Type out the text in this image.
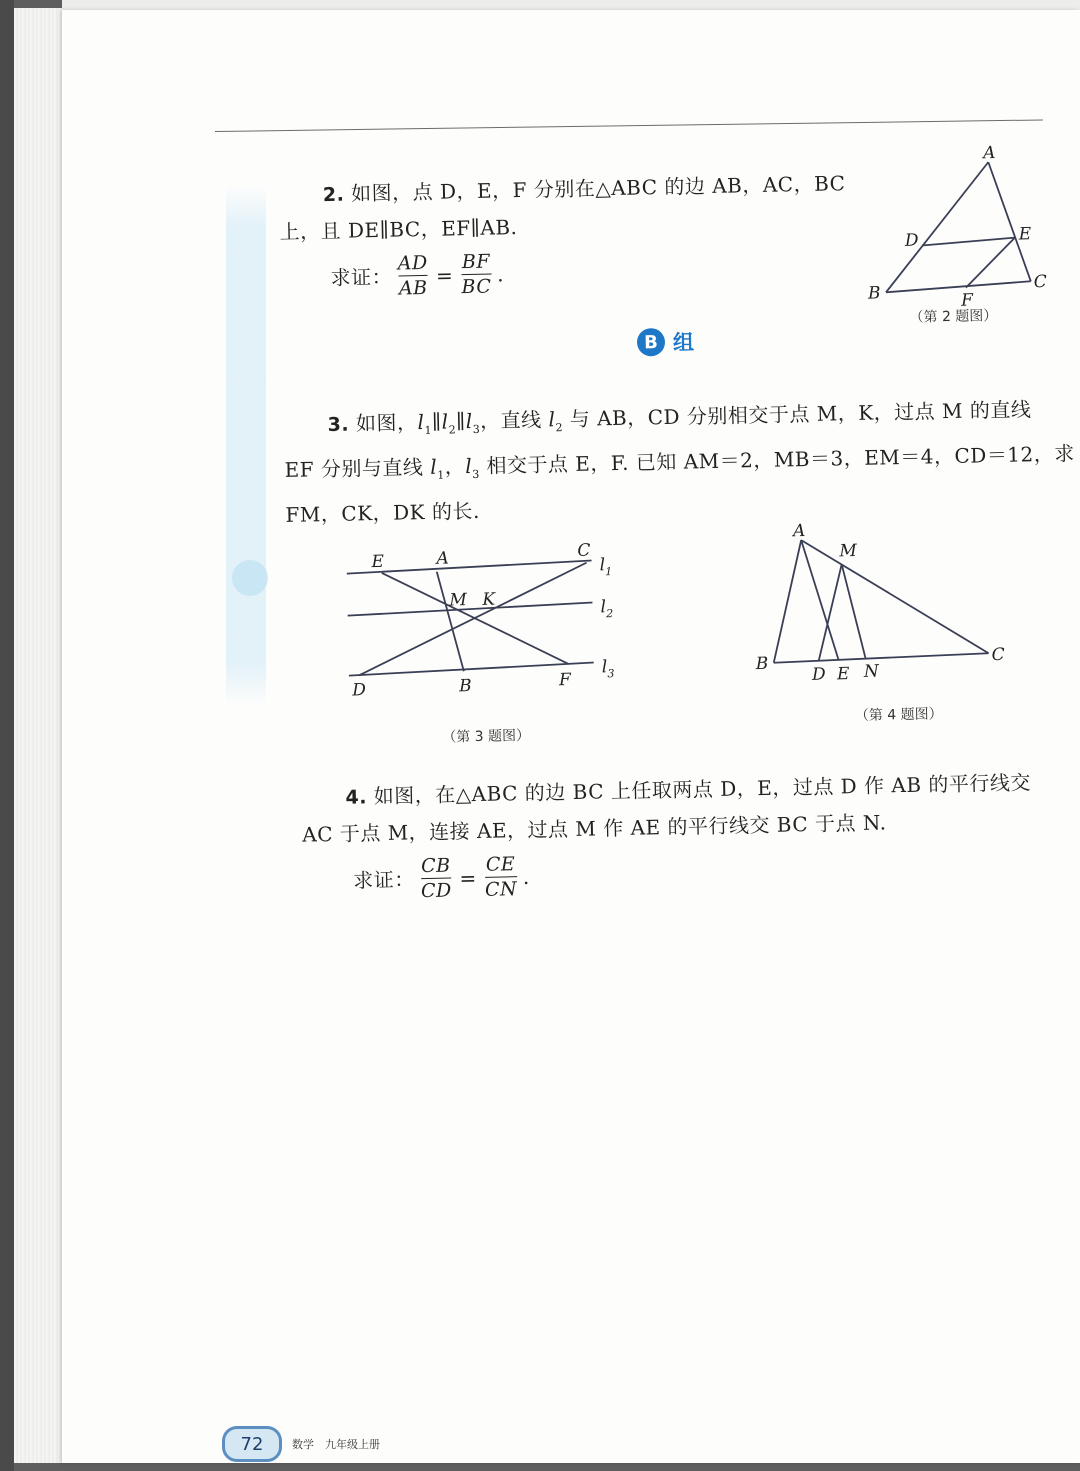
2. 如图，点 D，E，F 分别在△ABC 的边 AB，AC，BC
上，且 DE∥BC，EF∥AB.
求证： $\frac{AD}{AB} = \frac{BF}{BC}$ .
A
B
C
D	E
F
（第 2 题图）
B 组
3. 如图，$l_1\parallel l_2\parallel l_3$，直线 $l_2$ 与 AB，CD 分别相交于点 M，K，过点 M 的直线
EF 分别与直线 $l_1$，$l_3$ 相交于点 E，F. 已知 AM＝2，MB＝3，EM＝4，CD＝12，求
FM，CK，DK 的长.
E	A	C
M K
D	B	F
$l_1$
$l_2$
$l_3$
（第 3 题图）
A
M
B
D E N
C
（第 4 题图）
4. 如图，在△ABC 的边 BC 上任取两点 D，E，过点 D 作 AB 的平行线交
AC 于点 M，连接 AE，过点 M 作 AE 的平行线交 BC 于点 N.
求证： $\frac{CB}{CD} = \frac{CE}{CN}$ .
72	数学　九年级上册
